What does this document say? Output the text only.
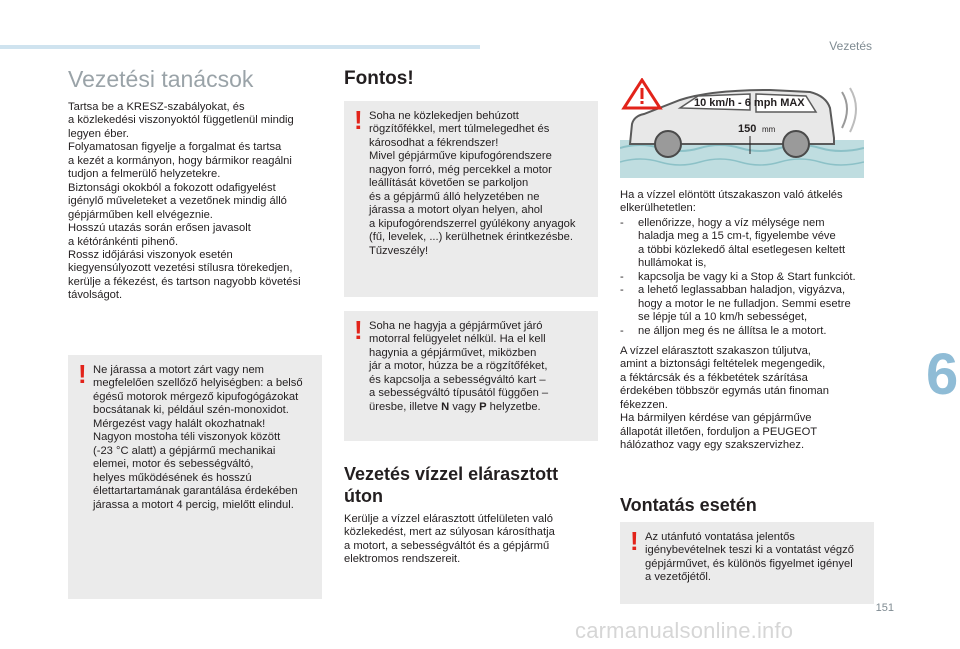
Vezetés
6
151
carmanualsonline.info
Vezetési tanácsok

Tartsa be a KRESZ-szabályokat, és
a közlekedési viszonyoktól függetlenül mindig
legyen éber.
Folyamatosan figyelje a forgalmat és tartsa
a kezét a kormányon, hogy bármikor reagálni
tudjon a felmerülő helyzetekre.
Biztonsági okokból a fokozott odafigyelést
igénylő műveleteket a vezetőnek mindig álló
gépjárműben kell elvégeznie.
Hosszú utazás során erősen javasolt
a kétóránkénti pihenő.
Rossz időjárási viszonyok esetén
kiegyensúlyozott vezetési stílusra törekedjen,
kerülje a fékezést, és tartson nagyobb követési
távolságot.

! Ne járassa a motort zárt vagy nem
megfelelően szellőző helyiségben: a belső
égésű motorok mérgező kipufogógázokat
bocsátanak ki, például szén-monoxidot.
Mérgezést vagy halált okozhatnak!
Nagyon mostoha téli viszonyok között
(-23 °C alatt) a gépjármű mechanikai
elemei, motor és sebességváltó,
helyes működésének és hosszú
élettartartamának garantálása érdekében
járassa a motort 4 percig, mielőtt elindul.

Fontos!
! Soha ne közlekedjen behúzott
rögzítőfékkel, mert túlmelegedhet és
károsodhat a fékrendszer!
Mivel gépjárműve kipufogórendszere
nagyon forró, még percekkel a motor
leállítását követően se parkoljon
és a gépjármű álló helyzetében ne
járassa a motort olyan helyen, ahol
a kipufogórendszerrel gyúlékony anyagok
(fű, levelek, ...) kerülhetnek érintkezésbe.
Tűzveszély!

! Soha ne hagyja a gépjárművet járó
motorral felügyelet nélkül. Ha el kell
hagynia a gépjárművet, miközben
jár a motor, húzza be a rögzítőféket,
és kapcsolja a sebességváltó kart –
a sebességváltó típusától függően –
üresbe, illetve N vagy P helyzetbe.

Vezetés vízzel elárasztott
úton

Kerülje a vízzel elárasztott útfelületen való
közlekedést, mert az súlyosan károsíthatja
a motort, a sebességváltót és a gépjármű
elektromos rendszereit.

10 km/h - 6 mph MAX
150 mm

Ha a vízzel elöntött útszakaszon való átkelés
elkerülhetetlen:

- ellenőrizze, hogy a víz mélysége nem
haladja meg a 15 cm-t, figyelembe véve
a többi közlekedő által esetlegesen keltett
hullámokat is,
- kapcsolja be vagy ki a Stop & Start funkciót.
- a lehető leglassabban haladjon, vigyázva,
hogy a motor le ne fulladjon. Semmi esetre
se lépje túl a 10 km/h sebességet,
- ne álljon meg és ne állítsa le a motort.

A vízzel elárasztott szakaszon túljutva,
amint a biztonsági feltételek megengedik,
a féktárcsák és a fékbetétek szárítása
érdekében többször egymás után finoman
fékezzen.
Ha bármilyen kérdése van gépjárműve
állapotát illetően, forduljon a PEUGEOT
hálózathoz vagy egy szakszervizhez.

Vontatás esetén
! Az utánfutó vontatása jelentős
igénybevételnek teszi ki a vontatást végző
gépjárművet, és különös figyelmet igényel
a vezetőjétől.
